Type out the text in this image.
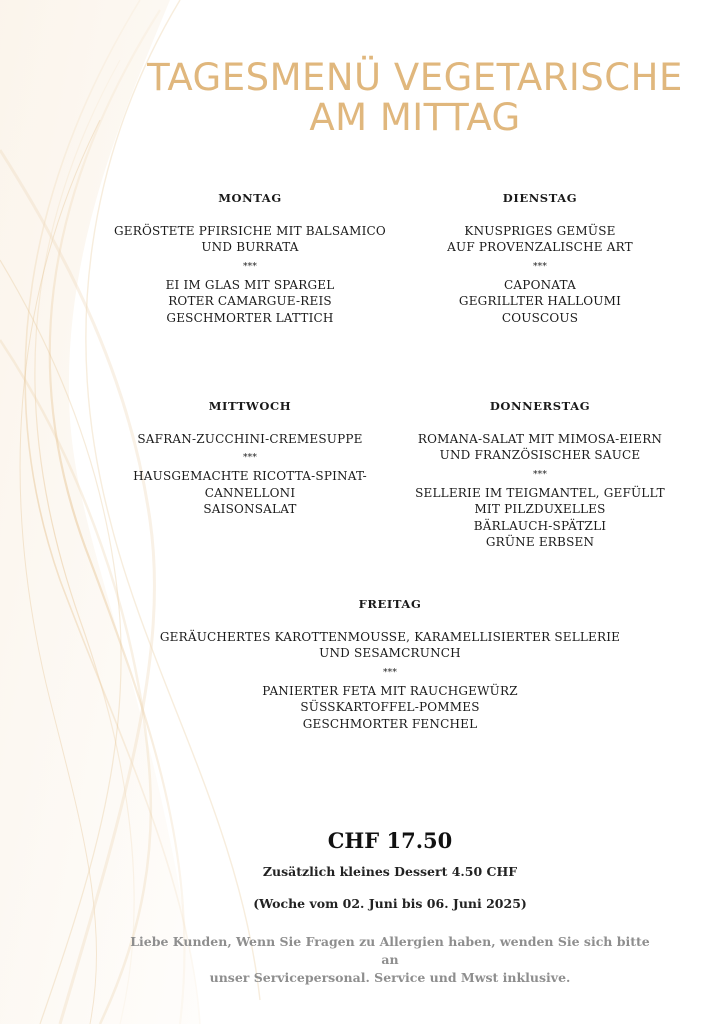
TAGESMENÜ VEGETARISCHE
AM MITTAG
MONTAG
GERÖSTETE PFIRSICHE MIT BALSAMICO
UND BURRATA
***
EI IM GLAS MIT SPARGEL
ROTER CAMARGUE-REIS
GESCHMORTER LATTICH
DIENSTAG
KNUSPRIGES GEMÜSE
AUF PROVENZALISCHE ART
***
CAPONATA
GEGRILLTER HALLOUMI
COUSCOUS
MITTWOCH
SAFRAN-ZUCCHINI-CREMESUPPE
***
HAUSGEMACHTE RICOTTA-SPINAT-
CANNELLONI
SAISONSALAT
DONNERSTAG
ROMANA-SALAT MIT MIMOSA-EIERN
UND FRANZÖSISCHER SAUCE
***
SELLERIE IM TEIGMANTEL, GEFÜLLT
MIT PILZDUXELLES
BÄRLAUCH-SPÄTZLI
GRÜNE ERBSEN
FREITAG
GERÄUCHERTES KAROTTENMOUSSE, KARAMELLISIERTER SELLERIE
UND SESAMCRUNCH
***
PANIERTER FETA MIT RAUCHGEWÜRZ
SÜSSKARTOFFEL-POMMES
GESCHMORTER FENCHEL
CHF 17.50
Zusätzlich kleines Dessert 4.50 CHF
(Woche vom 02. Juni bis 06. Juni 2025)
Liebe Kunden, Wenn Sie Fragen zu Allergien haben, wenden Sie sich bitte an
unser Servicepersonal. Service und Mwst inklusive.
